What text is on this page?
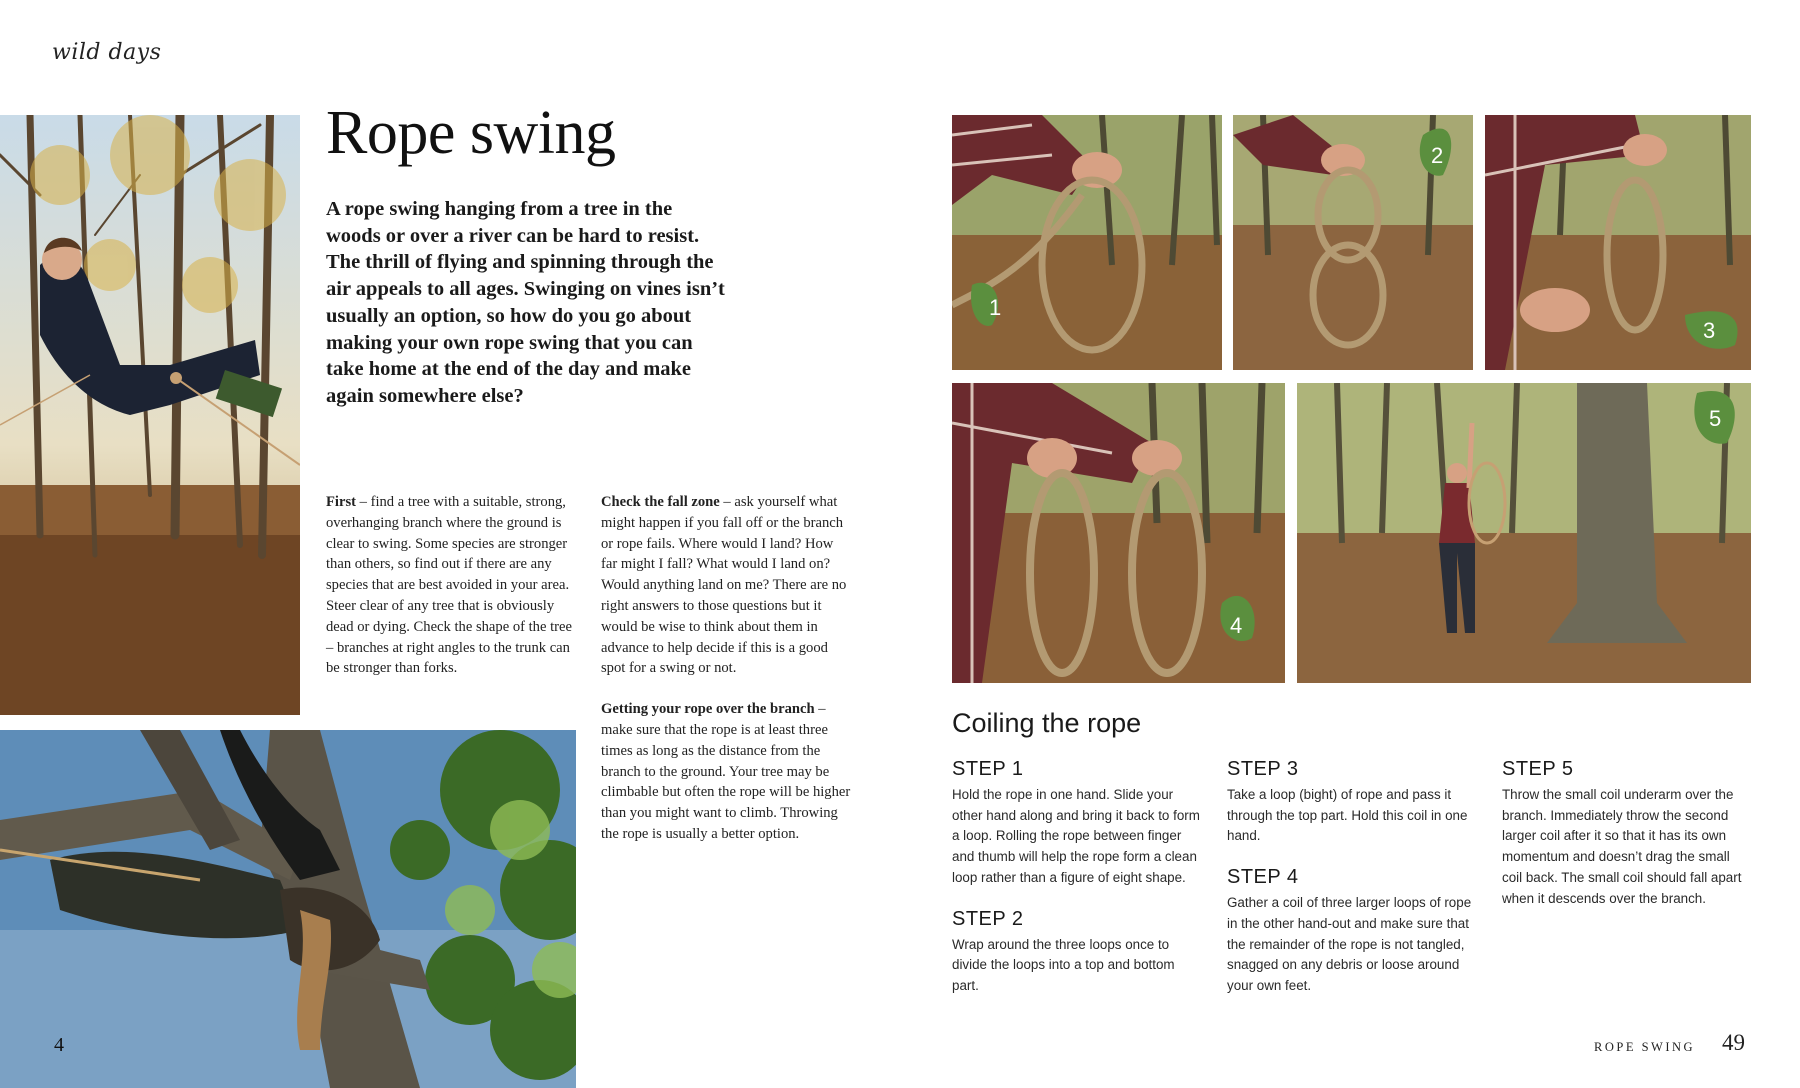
wild days
4
Rope swing

A rope swing hanging from a tree in the woods or over a river can be hard to resist. The thrill of flying and spinning through the air appeals to all ages. Swinging on vines isn’t usually an option, so how do you go about making your own rope swing that you can take home at the end of the day and make again somewhere else?

First – find a tree with a suitable, strong, overhanging branch where the ground is clear to swing. Some species are stronger than others, so find out if there are any species that are best avoided in your area. Steer clear of any tree that is obviously dead or dying. Check the shape of the tree – branches at right angles to the trunk can be stronger than forks.

Check the fall zone – ask yourself what might happen if you fall off or the branch or rope fails. Where would I land? How far might I fall? What would I land on? Would anything land on me? There are no right answers to those questions but it would be wise to think about them in advance to help decide if this is a good spot for a swing or not.

Getting your rope over the branch – make sure that the rope is at least three times as long as the distance from the branch to the ground. Your tree may be climbable but often the rope will be higher than you might want to climb. Throwing the rope is usually a better option.

1
2
3
4
5
Coiling the rope
STEP 1

Hold the rope in one hand. Slide your other hand along and bring it back to form a loop. Rolling the rope between finger and thumb will help the rope form a clean loop rather than a figure of eight shape.

STEP 2

Wrap around the three loops once to divide the loops into a top and bottom part.

STEP 3

Take a loop (bight) of rope and pass it through the top part. Hold this coil in one hand.

STEP 4

Gather a coil of three larger loops of rope in the other hand-out and make sure that the remainder of the rope is not tangled, snagged on any debris or loose around your own feet.

STEP 5

Throw the small coil underarm over the branch. Immediately throw the second larger coil after it so that it has its own momentum and doesn’t drag the small coil back. The small coil should fall apart when it descends over the branch.

ROPE SWING 49
